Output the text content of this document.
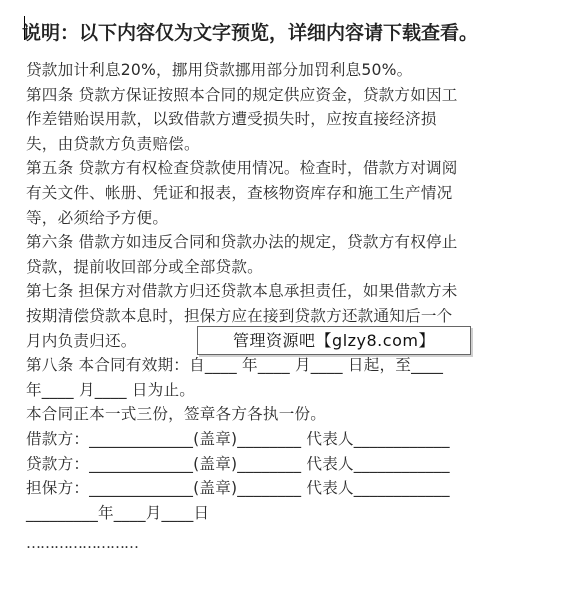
说明：以下内容仅为文字预览，详细内容请下载查看。
贷款加计利息20%，挪用贷款挪用部分加罚利息50%。
第四条 贷款方保证按照本合同的规定供应资金，贷款方如因工
作差错贻误用款，以致借款方遭受损失时，应按直接经济损
失，由贷款方负责赔偿。
第五条 贷款方有权检查贷款使用情况。检查时，借款方对调阅
有关文件、帐册、凭证和报表，查核物资库存和施工生产情况
等，必须给予方便。
第六条 借款方如违反合同和贷款办法的规定，贷款方有权停止
贷款，提前收回部分或全部贷款。
第七条 担保方对借款方归还贷款本息承担责任，如果借款方未
按期清偿贷款本息时，担保方应在接到贷款方还款通知后一个
月内负责归还。
第八条 本合同有效期：自____ 年____ 月____ 日起，至____
年____ 月____ 日为止。
本合同正本一式三份，签章各方各执一份。
借款方：_____________(盖章)________ 代表人____________
贷款方：_____________(盖章)________ 代表人____________
担保方：_____________(盖章)________ 代表人____________
_________年____月____日
……………………
管理资源吧【glzy8.com】
